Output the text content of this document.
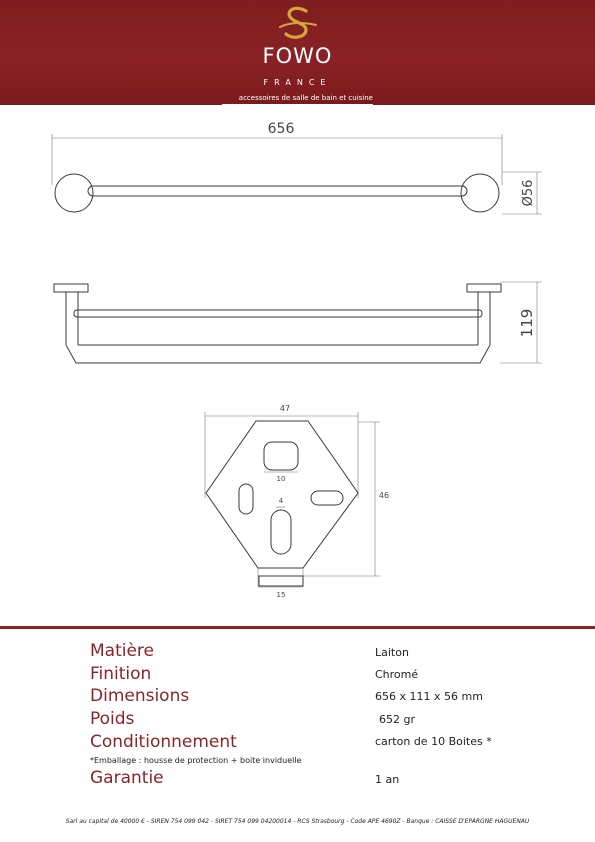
FOWO
FRANCE
accessoires de salle de bain et cuisine
656
Ø56
119
47
46
10
4
15
Matière	Laiton
Finition	Chromé
Dimensions	656 x 111 x 56 mm
Poids	652 gr
Conditionnement	carton de 10 Boites *
*Emballage : housse de protection + boite inviduelle
Garantie	1 an
Sarl au capital de 40000 € - SIREN 754 099 042 - SIRET 754 099 04200014 - RCS Strasbourg - Code APE 4690Z - Banque : CAISSE D'EPARGNE HAGUENAU
